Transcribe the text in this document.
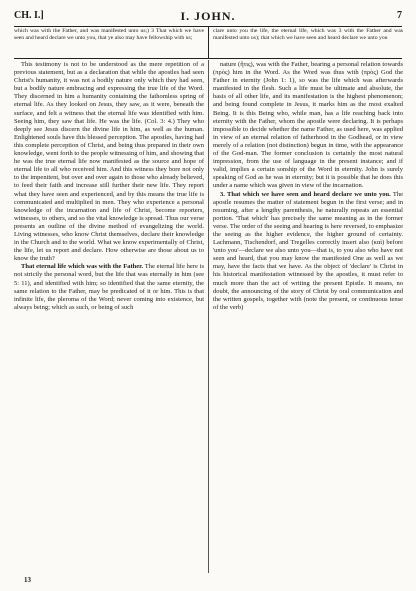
CH. I.]	I. JOHN.	7
which was with the Father, and was manifested unto us;) 3 That which we have seen and heard declare we unto you, that ye also may have fellowship with us;
clare unto you the life, the eternal life, which was 3 with the Father and was manifested unto us); that which we have seen and heard declare we unto you

This testimony is not to be understood as the mere repetition of a previous statement, but as a declaration that while the apostles had seen Christ's humanity, it was not a bodily nature only which they had seen, but a bodily nature embracing and expressing the true life of the Word. They discerned in him a humanity containing the fathomless spring of eternal life. As they looked on Jesus, they saw, as it were, beneath the surface, and felt a witness that the eternal life was identified with him. Seeing him, they saw that life. He was the life. (Col. 3: 4.) They who deeply see Jesus discern the divine life in him, as well as the human. Enlightened souls have this blessed perception. The apostles, having had this complete perception of Christ, and being thus prepared in their own knowledge, went forth to the people witnessing of him, and showing that he was the true eternal life now manifested as the source and hope of eternal life to all who received him. And this witness they bore not only to the impenitent, but over and over again to those who already believed, to feed their faith and increase still further their new life. They report what they have seen and experienced, and by this means the true life is communicated and multiplied in men. They who experience a personal knowledge of the incarnation and life of Christ, become reporters, witnesses, to others, and so the vital knowledge is spread. Thus our verse presents an outline of the divine method of evangelizing the world. Living witnesses, who know Christ themselves, declare their knowledge in the Church and to the world. What we know experimentally of Christ, the life, let us report and declare. How otherwise are those about us to know the truth?

That eternal life which was with the Father. The eternal life here is not strictly the personal word, but the life that was eternally in him (see 5: 11), and identified with him; so identified that the same eternity, the same relation to the Father, may be predicated of it or him. This is that infinite life, the pleroma of the Word; never coming into existence, but always being; which as such, or being of such

nature (ἥτις), was with the Father, bearing a personal relation towards (πρὸς) him in the Word. As the Word was thus with (πρὸς) God the Father in eternity (John 1: 1), so was the life which was afterwards manifested in the flesh. Such a life must be ultimate and absolute, the basis of all other life, and its manifestation is the highest phenomenon; and being found complete in Jesus, it marks him as the most exalted Being. It is this Being who, while man, has a life reaching back into eternity with the Father, whom the apostle were declaring. It is perhaps impossible to decide whether the name Father, as used here, was applied in view of an eternal relation of fatherhood in the Godhead, or in view merely of a relation (not distinction) begun in time, with the appearance of the God-man. The former conclusion is certainly the most natural impression, from the use of language in the present instance; and if valid, implies a certain sonship of the Word in eternity. John is surely speaking of God as he was in eternity; but it is possible that he does this under a name which was given in view of the incarnation.

3. That which we have seen and heard declare we unto you. The apostle resumes the matter of statement begun in the first verse; and in resuming, after a lengthy parenthesis, he naturally repeats an essential portion. 'That which' has precisely the same meaning as in the former verse. The order of the seeing and hearing is here reversed, to emphasize the seeing as the higher evidence, the higher ground of certainty. Lachmann, Tischendorf, and Tregelles correctly insert also (καὶ) before 'unto you'—declare we also unto you—that is, to you also who have not seen and heard, that you may know the manifested One as well as we may, have the facts that we have. As the object of 'declare' is Christ in his historical manifestation witnessed by the apostles, it must refer to much more than the act of writing the present Epistle. It means, no doubt, the announcing of the story of Christ by oral communication and the written gospels, together with (note the present, or continuous tense of the verb)

13
